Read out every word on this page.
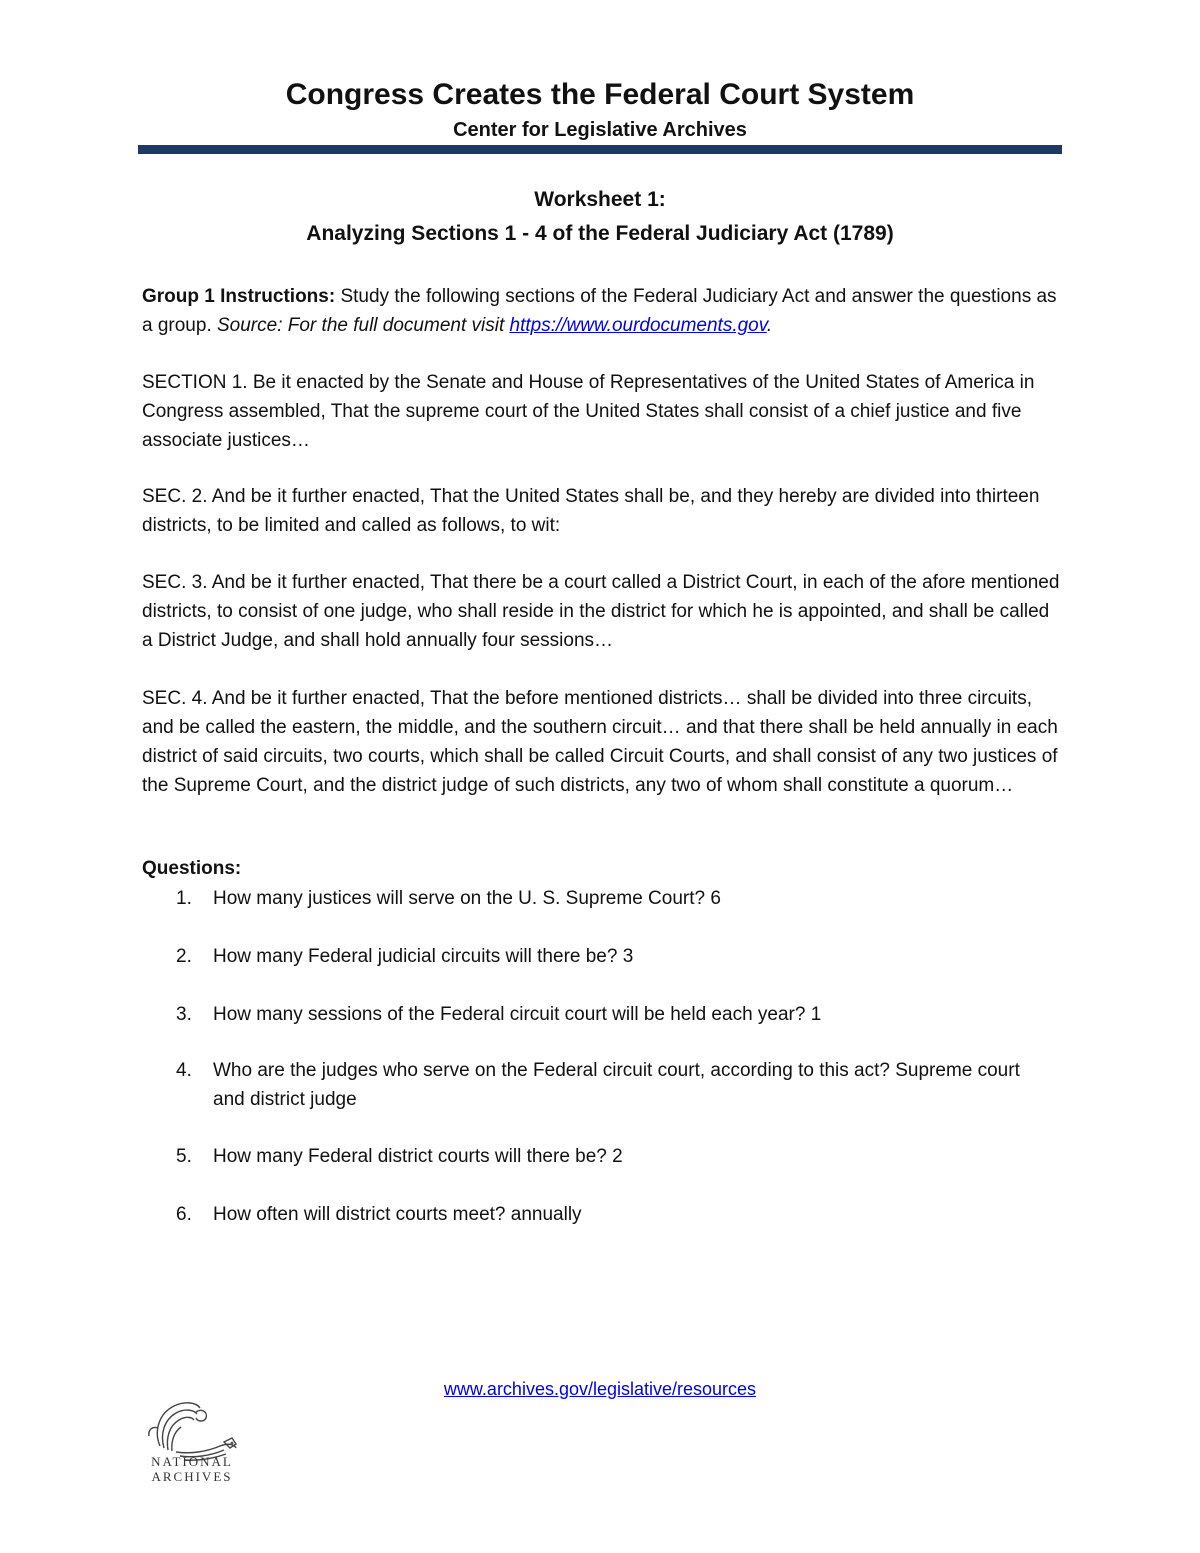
Congress Creates the Federal Court System
Center for Legislative Archives
Worksheet 1:
Analyzing Sections 1 - 4 of the Federal Judiciary Act (1789)

Group 1 Instructions: Study the following sections of the Federal Judiciary Act and answer the questions as a group. Source: For the full document visit https://www.ourdocuments.gov.

SECTION 1. Be it enacted by the Senate and House of Representatives of the United States of America in Congress assembled, That the supreme court of the United States shall consist of a chief justice and five associate justices…

SEC. 2. And be it further enacted, That the United States shall be, and they hereby are divided into thirteen districts, to be limited and called as follows, to wit:

SEC. 3. And be it further enacted, That there be a court called a District Court, in each of the afore mentioned districts, to consist of one judge, who shall reside in the district for which he is appointed, and shall be called a District Judge, and shall hold annually four sessions…

SEC. 4. And be it further enacted, That the before mentioned districts… shall be divided into three circuits, and be called the eastern, the middle, and the southern circuit… and that there shall be held annually in each district of said circuits, two courts, which shall be called Circuit Courts, and shall consist of any two justices of the Supreme Court, and the district judge of such districts, any two of whom shall constitute a quorum…

Questions:
1.	How many justices will serve on the U. S. Supreme Court? 6
2.	How many Federal judicial circuits will there be? 3
3.	How many sessions of the Federal circuit court will be held each year? 1
4.	Who are the judges who serve on the Federal circuit court, according to this act? Supreme court and district judge
5.	How many Federal district courts will there be? 2
6.	How often will district courts meet? annually
www.archives.gov/legislative/resources
NATIONAL
ARCHIVES
